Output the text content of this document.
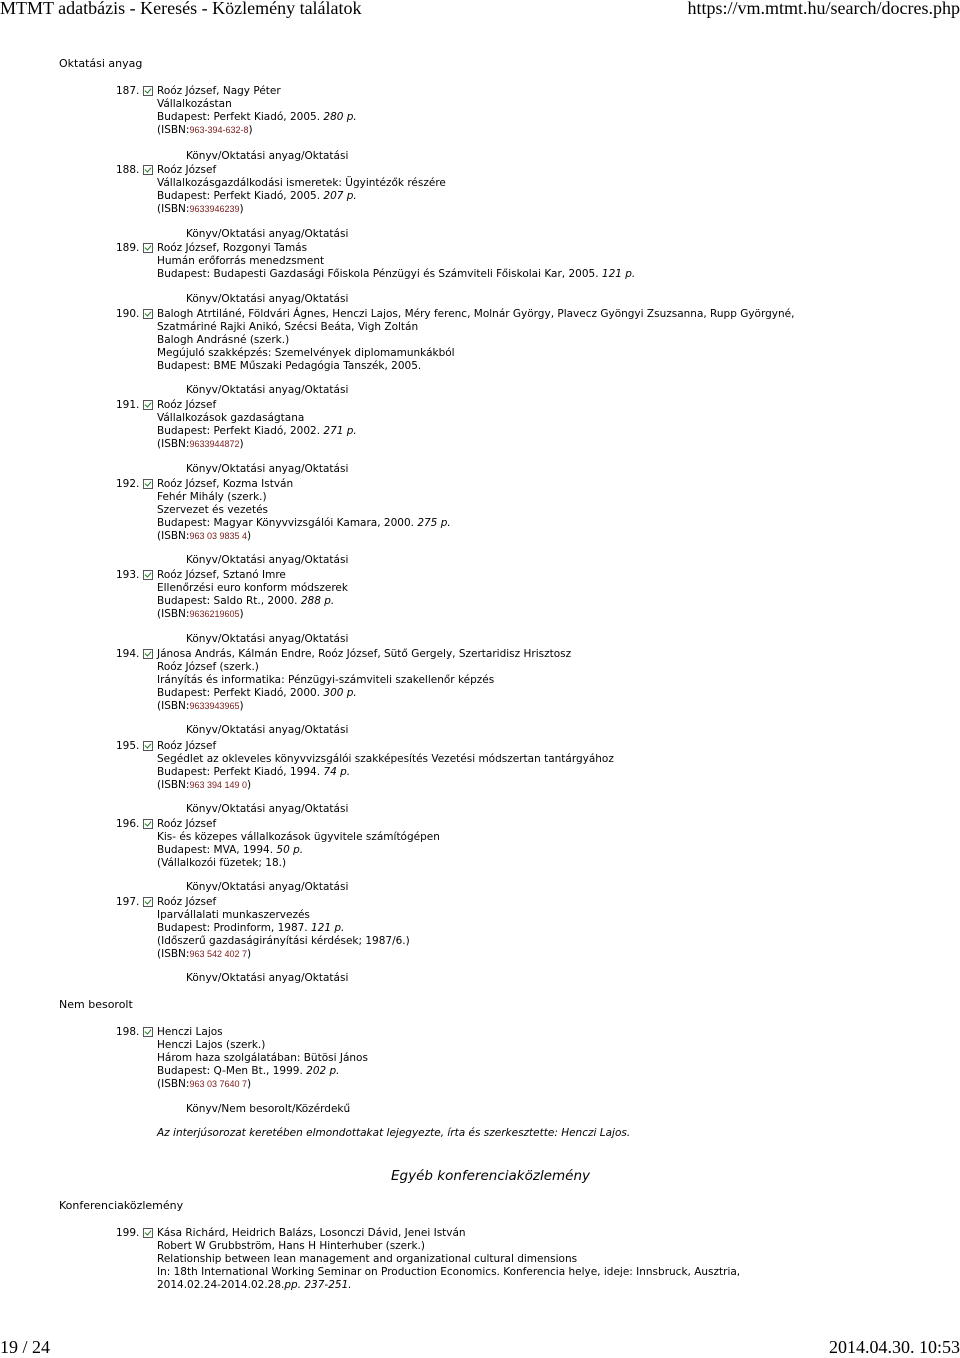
MTMT adatbázis - Keresés - Közlemény találatok	https://vm.mtmt.hu/search/docres.php
Oktatási anyag
187. Roóz József, Nagy Péter
Vállalkozástan
Budapest: Perfekt Kiadó, 2005. 280 p.
(ISBN:963-394-632-8)
Könyv/Oktatási anyag/Oktatási
188. Roóz József
Vállalkozásgazdálkodási ismeretek: Ügyintézők részére
Budapest: Perfekt Kiadó, 2005. 207 p.
(ISBN:9633946239)
Könyv/Oktatási anyag/Oktatási
189. Roóz József, Rozgonyi Tamás
Humán erőforrás menedzsment
Budapest: Budapesti Gazdasági Főiskola Pénzügyi és Számviteli Főiskolai Kar, 2005. 121 p.
Könyv/Oktatási anyag/Oktatási
190. Balogh Atrtiláné, Földvári Ágnes, Henczi Lajos, Méry ferenc, Molnár György, Plavecz Gyöngyi Zsuzsanna, Rupp Györgyné,
Szatmáriné Rajki Anikó, Szécsi Beáta, Vigh Zoltán
Balogh Andrásné (szerk.)
Megújuló szakképzés: Szemelvények diplomamunkákból
Budapest: BME Műszaki Pedagógia Tanszék, 2005.
Könyv/Oktatási anyag/Oktatási
191. Roóz József
Vállalkozások gazdaságtana
Budapest: Perfekt Kiadó, 2002. 271 p.
(ISBN:9633944872)
Könyv/Oktatási anyag/Oktatási
192. Roóz József, Kozma István
Fehér Mihály (szerk.)
Szervezet és vezetés
Budapest: Magyar Könyvvizsgálói Kamara, 2000. 275 p.
(ISBN:963 03 9835 4)
Könyv/Oktatási anyag/Oktatási
193. Roóz József, Sztanó Imre
Ellenőrzési euro konform módszerek
Budapest: Saldo Rt., 2000. 288 p.
(ISBN:9636219605)
Könyv/Oktatási anyag/Oktatási
194. Jánosa András, Kálmán Endre, Roóz József, Sütő Gergely, Szertaridisz Hrisztosz
Roóz József (szerk.)
Irányítás és informatika: Pénzügyi-számviteli szakellenőr képzés
Budapest: Perfekt Kiadó, 2000. 300 p.
(ISBN:9633943965)
Könyv/Oktatási anyag/Oktatási
195. Roóz József
Segédlet az okleveles könyvvizsgálói szakképesítés Vezetési módszertan tantárgyához
Budapest: Perfekt Kiadó, 1994. 74 p.
(ISBN:963 394 149 0)
Könyv/Oktatási anyag/Oktatási
196. Roóz József
Kis- és közepes vállalkozások ügyvitele számítógépen
Budapest: MVA, 1994. 50 p.
(Vállalkozói füzetek; 18.)
Könyv/Oktatási anyag/Oktatási
197. Roóz József
Iparvállalati munkaszervezés
Budapest: Prodinform, 1987. 121 p.
(Időszerű gazdaságirányítási kérdések; 1987/6.)
(ISBN:963 542 402 7)
Könyv/Oktatási anyag/Oktatási
Nem besorolt
198. Henczi Lajos
Henczi Lajos (szerk.)
Három haza szolgálatában: Bütösi János
Budapest: Q-Men Bt., 1999. 202 p.
(ISBN:963 03 7640 7)
Könyv/Nem besorolt/Közérdekű
Az interjúsorozat keretében elmondottakat lejegyezte, írta és szerkesztette: Henczi Lajos.
Egyéb konferenciaközlemény
Konferenciaközlemény
199. Kása Richárd, Heidrich Balázs, Losonczi Dávid, Jenei István
Robert W Grubbström, Hans H Hinterhuber (szerk.)
Relationship between lean management and organizational cultural dimensions
In: 18th International Working Seminar on Production Economics. Konferencia helye, ideje: Innsbruck, Ausztria,
2014.02.24-2014.02.28.pp. 237-251.
19 / 24	2014.04.30. 10:53
